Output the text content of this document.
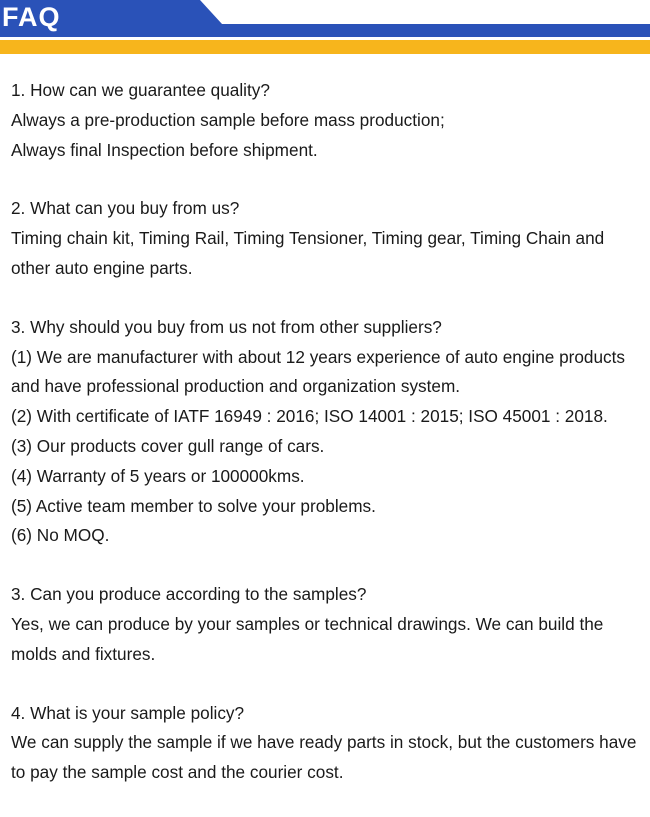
FAQ
1. How can we guarantee quality?
Always a pre-production sample before mass production;
Always final Inspection before shipment.
2. What can you buy from us?
Timing chain kit, Timing Rail, Timing Tensioner, Timing gear, Timing Chain and
other auto engine parts.
3. Why should you buy from us not from other suppliers?
(1) We are manufacturer with about 12 years experience of auto engine products
and have professional production and organization system.
(2) With certificate of IATF 16949 : 2016; ISO 14001 : 2015; ISO 45001 : 2018.
(3) Our products cover gull range of cars.
(4) Warranty of 5 years or 100000kms.
(5) Active team member to solve your problems.
(6) No MOQ.
3. Can you produce according to the samples?
Yes, we can produce by your samples or technical drawings. We can build the
molds and fixtures.
4. What is your sample policy?
We can supply the sample if we have ready parts in stock, but the customers have
to pay the sample cost and the courier cost.
